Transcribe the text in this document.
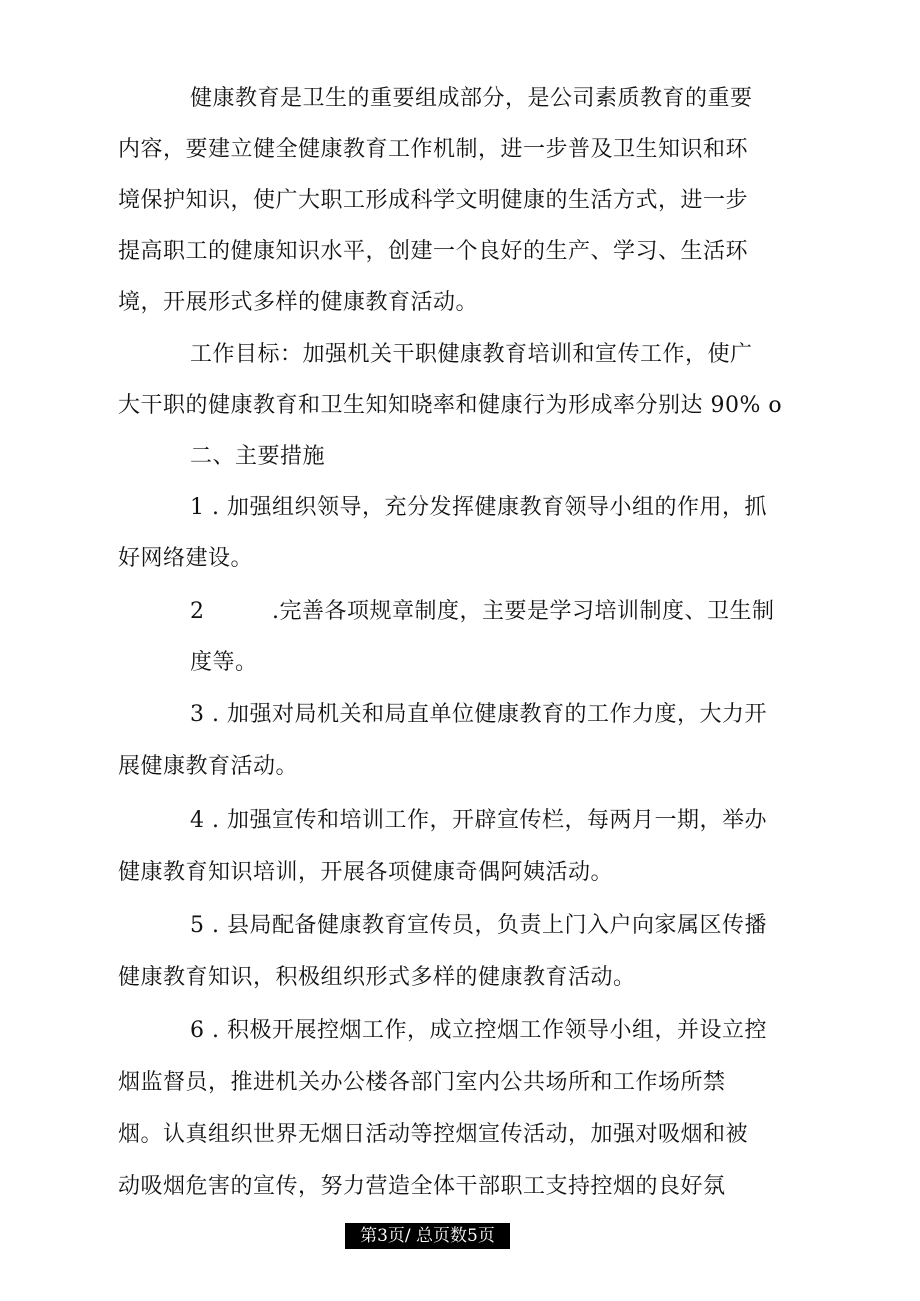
健康教育是卫生的重要组成部分，是公司素质教育的重要
内容，要建立健全健康教育工作机制，进一步普及卫生知识和环
境保护知识，使广大职工形成科学文明健康的生活方式，进一步
提高职工的健康知识水平，创建一个良好的生产、学习、生活环
境，开展形式多样的健康教育活动。
工作目标：加强机关干职健康教育培训和宣传工作，使广
大干职的健康教育和卫生知知晓率和健康行为形成率分别达 90% o
二、主要措施
1 . 加强组织领导，充分发挥健康教育领导小组的作用，抓
好网络建设。
2	.完善各项规章制度，主要是学习培训制度、卫生制
度等。
3 . 加强对局机关和局直单位健康教育的工作力度，大力开
展健康教育活动。
4 . 加强宣传和培训工作，开辟宣传栏，每两月一期，举办
健康教育知识培训，开展各项健康奇偶阿姨活动。
5 . 县局配备健康教育宣传员，负责上门入户向家属区传播
健康教育知识，积极组织形式多样的健康教育活动。
6 . 积极开展控烟工作，成立控烟工作领导小组，并设立控
烟监督员，推进机关办公楼各部门室内公共场所和工作场所禁
烟。认真组织世界无烟日活动等控烟宣传活动，加强对吸烟和被
动吸烟危害的宣传，努力营造全体干部职工支持控烟的良好氛
第3页/ 总页数5页
